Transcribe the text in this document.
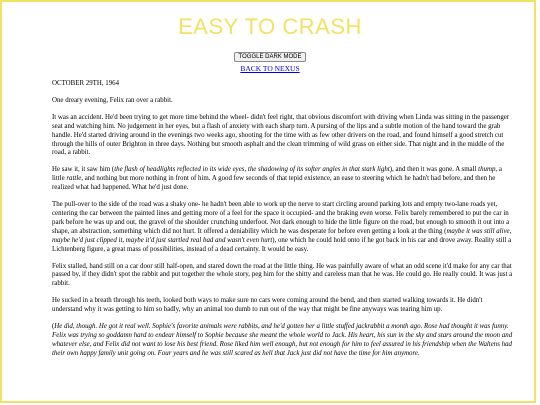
EASY TO CRASH
TOGGLE DARK MODE
BACK TO NEXUS

OCTOBER 29TH, 1964

One dreary evening, Felix ran over a rabbit.

It was an accident. He'd been trying to get more time behind the wheel- didn't feel right, that obvious discomfort with driving when Linda was sitting in the passenger seat and watching him. No judgement in her eyes, but a flash of anxiety with each sharp turn. A pursing of the lips and a subtle motion of the hand toward the grab handle. He'd started driving around in the evenings two weeks ago, shooting for the time with as few other drivers on the road, and found himself a good stretch cut through the hills of outer Brighton in three days. Nothing but smooth asphalt and the clean trimming of wild grass on either side. That night and in the middle of the road, a rabbit.

He saw it, it saw him (the flash of headlights reflected in its wide eyes, the shadowing of its softer angles in that stark light), and then it was gone. A small thump, a little rattle, and nothing but more nothing in front of him. A good few seconds of that tepid existence, an ease to steering which he hadn't had before, and then he realized what had happened. What he'd just done.

The pull-over to the side of the road was a shaky one- he hadn't been able to work up the nerve to start circling around parking lots and empty two-lane roads yet, centering the car between the painted lines and getting more of a feel for the space it occupied- and the braking even worse. Felix barely remembered to put the car in park before he was up and out, the gravel of the shoulder crunching underfoot. Not dark enough to hide the little figure on the road, but enough to smooth it out into a shape, an abstraction, something which did not hurt. It offered a deniability which he was desperate for before even getting a look at the thing (maybe it was still alive, maybe he'd just clipped it, maybe it'd just startled real bad and wasn't even hurt), one which he could hold onto if he got back in his car and drove away. Reality still a Lichtenberg figure, a great mass of possibilities, instead of a dead certainty. It would be easy.

Felix stalled, hand still on a car door still half-open, and stared down the road at the little thing. He was painfully aware of what an odd scene it'd make for any car that passed by, if they didn't spot the rabbit and put together the whole story, peg him for the shitty and careless man that he was. He could go. He really could. It was just a rabbit.

He sucked in a breath through his teeth, looked both ways to make sure no cars were coming around the bend, and then started walking towards it. He didn't understand why it was getting to him so badly, why an animal too dumb to run out of the way that might be fine anyways was tearing him up.

(He did, though. He got it real well. Sophie's favorite animals were rabbits, and he'd gotten her a little stuffed jackrabbit a month ago. Rose had thought it was funny. Felix was trying so goddamn hard to endear himself to Sophie because she meant the whole world to Jack. His heart, his sun in the sky and stars around the moon and whatever else, and Felix did not want to lose his best friend. Rose liked him well enough, but not enough for him to feel assured in his friendship when the Waltens had their own happy family unit going on. Four years and he was still scared as hell that Jack just did not have the time for him anymore.
